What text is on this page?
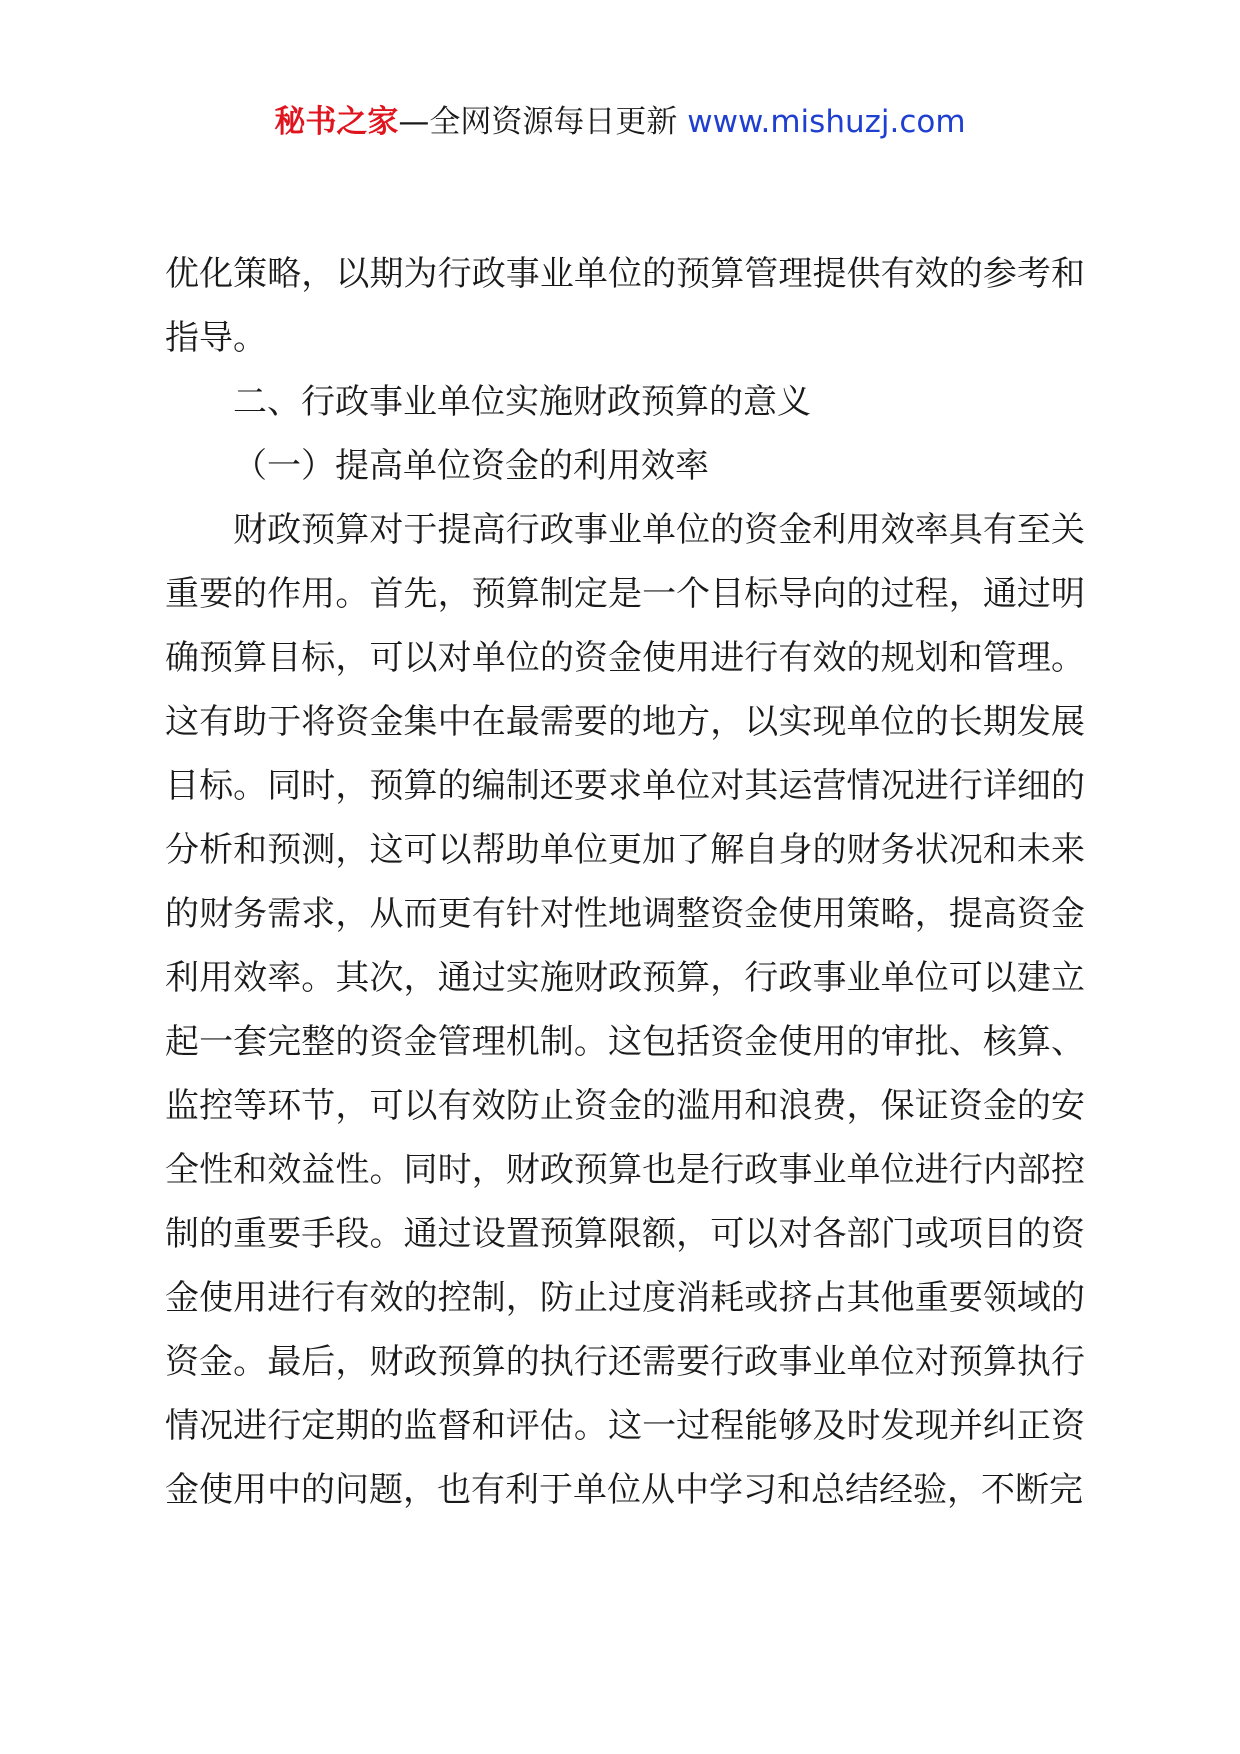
秘书之家—全网资源每日更新 www.mishuzj.com

优化策略，以期为行政事业单位的预算管理提供有效的参考和指导。

二、行政事业单位实施财政预算的意义

（一）提高单位资金的利用效率

财政预算对于提高行政事业单位的资金利用效率具有至关重要的作用。首先，预算制定是一个目标导向的过程，通过明确预算目标，可以对单位的资金使用进行有效的规划和管理。这有助于将资金集中在最需要的地方，以实现单位的长期发展目标。同时，预算的编制还要求单位对其运营情况进行详细的分析和预测，这可以帮助单位更加了解自身的财务状况和未来的财务需求，从而更有针对性地调整资金使用策略，提高资金利用效率。其次，通过实施财政预算，行政事业单位可以建立起一套完整的资金管理机制。这包括资金使用的审批、核算、监控等环节，可以有效防止资金的滥用和浪费，保证资金的安全性和效益性。同时，财政预算也是行政事业单位进行内部控制的重要手段。通过设置预算限额，可以对各部门或项目的资金使用进行有效的控制，防止过度消耗或挤占其他重要领域的资金。最后，财政预算的执行还需要行政事业单位对预算执行情况进行定期的监督和评估。这一过程能够及时发现并纠正资金使用中的问题，也有利于单位从中学习和总结经验，不断完
